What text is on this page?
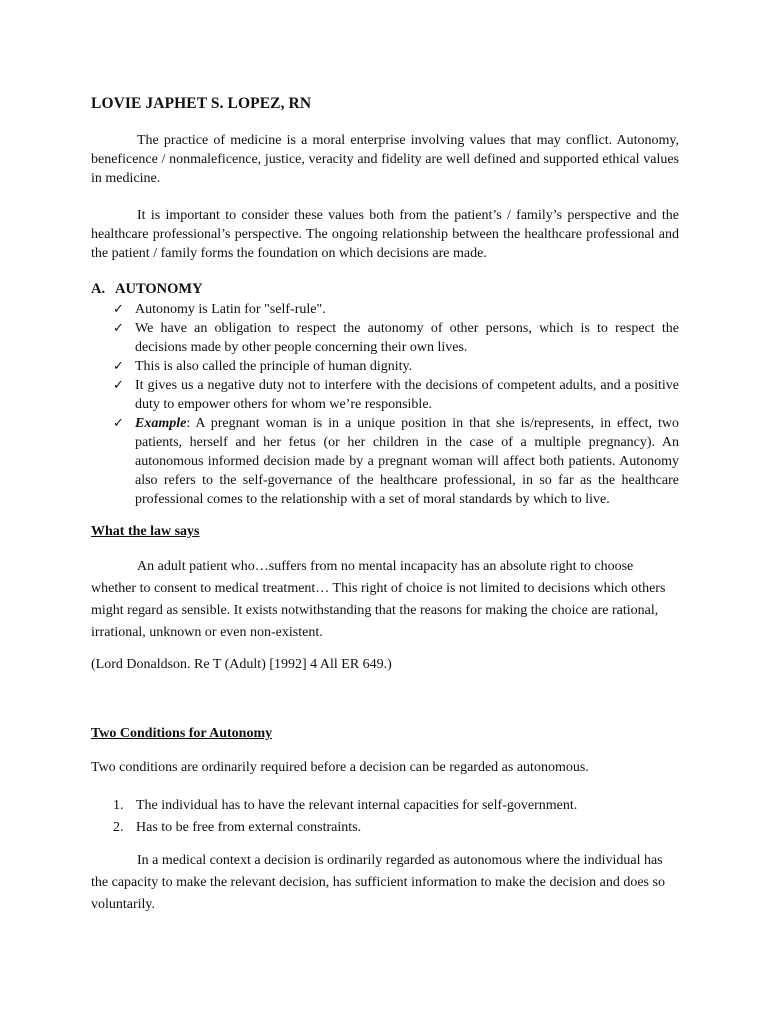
LOVIE JAPHET S. LOPEZ, RN
The practice of medicine is a moral enterprise involving values that may conflict. Autonomy, beneficence / nonmaleficence, justice, veracity and fidelity are well defined and supported ethical values in medicine.
It is important to consider these values both from the patient’s / family’s perspective and the healthcare professional’s perspective. The ongoing relationship between the healthcare professional and the patient / family forms the foundation on which decisions are made.
A. AUTONOMY
✓ Autonomy is Latin for "self-rule".
✓ We have an obligation to respect the autonomy of other persons, which is to respect the decisions made by other people concerning their own lives.
✓ This is also called the principle of human dignity.
✓ It gives us a negative duty not to interfere with the decisions of competent adults, and a positive duty to empower others for whom we’re responsible.
✓ Example: A pregnant woman is in a unique position in that she is/represents, in effect, two patients, herself and her fetus (or her children in the case of a multiple pregnancy). An autonomous informed decision made by a pregnant woman will affect both patients. Autonomy also refers to the self-governance of the healthcare professional, in so far as the healthcare professional comes to the relationship with a set of moral standards by which to live.
What the law says
An adult patient who…suffers from no mental incapacity has an absolute right to choose whether to consent to medical treatment… This right of choice is not limited to decisions which others might regard as sensible. It exists notwithstanding that the reasons for making the choice are rational, irrational, unknown or even non-existent.
(Lord Donaldson. Re T (Adult) [1992] 4 All ER 649.)
Two Conditions for Autonomy
Two conditions are ordinarily required before a decision can be regarded as autonomous.
1. The individual has to have the relevant internal capacities for self-government.
2. Has to be free from external constraints.
In a medical context a decision is ordinarily regarded as autonomous where the individual has the capacity to make the relevant decision, has sufficient information to make the decision and does so voluntarily.
